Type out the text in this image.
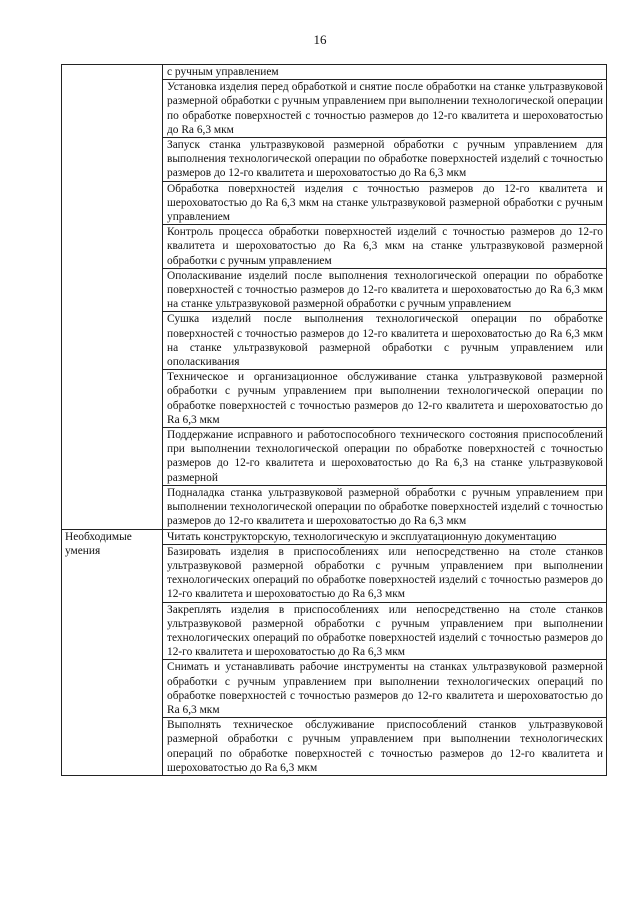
16

	с ручным управлением

	Установка изделия перед обработкой и снятие после обработки на станке ультразвуковой размерной обработки с ручным управлением при выполнении технологической операции по обработке поверхностей с точностью размеров до 12-го квалитета и шероховатостью до Ra 6,3 мкм

	Запуск станка ультразвуковой размерной обработки с ручным управлением для выполнения технологической операции по обработке поверхностей изделий с точностью размеров до 12-го квалитета и шероховатостью до Ra 6,3 мкм

	Обработка поверхностей изделия с точностью размеров до 12-го квалитета и шероховатостью до Ra 6,3 мкм на станке ультразвуковой размерной обработки с ручным управлением

	Контроль процесса обработки поверхностей изделий с точностью размеров до 12-го квалитета и шероховатостью до Ra 6,3 мкм на станке ультразвуковой размерной обработки с ручным управлением

	Ополаскивание изделий после выполнения технологической операции по обработке поверхностей с точностью размеров до 12-го квалитета и шероховатостью до Ra 6,3 мкм на станке ультразвуковой размерной обработки с ручным управлением

	Сушка изделий после выполнения технологической операции по обработке поверхностей с точностью размеров до 12-го квалитета и шероховатостью до Ra 6,3 мкм на станке ультразвуковой размерной обработки с ручным управлением или ополаскивания

	Техническое и организационное обслуживание станка ультразвуковой размерной обработки с ручным управлением при выполнении технологической операции по обработке поверхностей с точностью размеров до 12-го квалитета и шероховатостью до Ra 6,3 мкм

	Поддержание исправного и работоспособного технического состояния приспособлений при выполнении технологической операции по обработке поверхностей с точностью размеров до 12-го квалитета и шероховатостью до Ra 6,3 на станке ультразвуковой размерной

	Подналадка станка ультразвуковой размерной обработки с ручным управлением при выполнении технологической операции по обработке поверхностей изделий с точностью размеров до 12-го квалитета и шероховатостью до Ra 6,3 мкм

Необходимые умения	Читать конструкторскую, технологическую и эксплуатационную документацию

	Базировать изделия в приспособлениях или непосредственно на столе станков ультразвуковой размерной обработки с ручным управлением при выполнении технологических операций по обработке поверхностей изделий с точностью размеров до 12-го квалитета и шероховатостью до Ra 6,3 мкм

	Закреплять изделия в приспособлениях или непосредственно на столе станков ультразвуковой размерной обработки с ручным управлением при выполнении технологических операций по обработке поверхностей изделий с точностью размеров до 12-го квалитета и шероховатостью до Ra 6,3 мкм

	Снимать и устанавливать рабочие инструменты на станках ультразвуковой размерной обработки с ручным управлением при выполнении технологических операций по обработке поверхностей с точностью размеров до 12-го квалитета и шероховатостью до Ra 6,3 мкм

	Выполнять техническое обслуживание приспособлений станков ультразвуковой размерной обработки с ручным управлением при выполнении технологических операций по обработке поверхностей с точностью размеров до 12-го квалитета и шероховатостью до Ra 6,3 мкм
